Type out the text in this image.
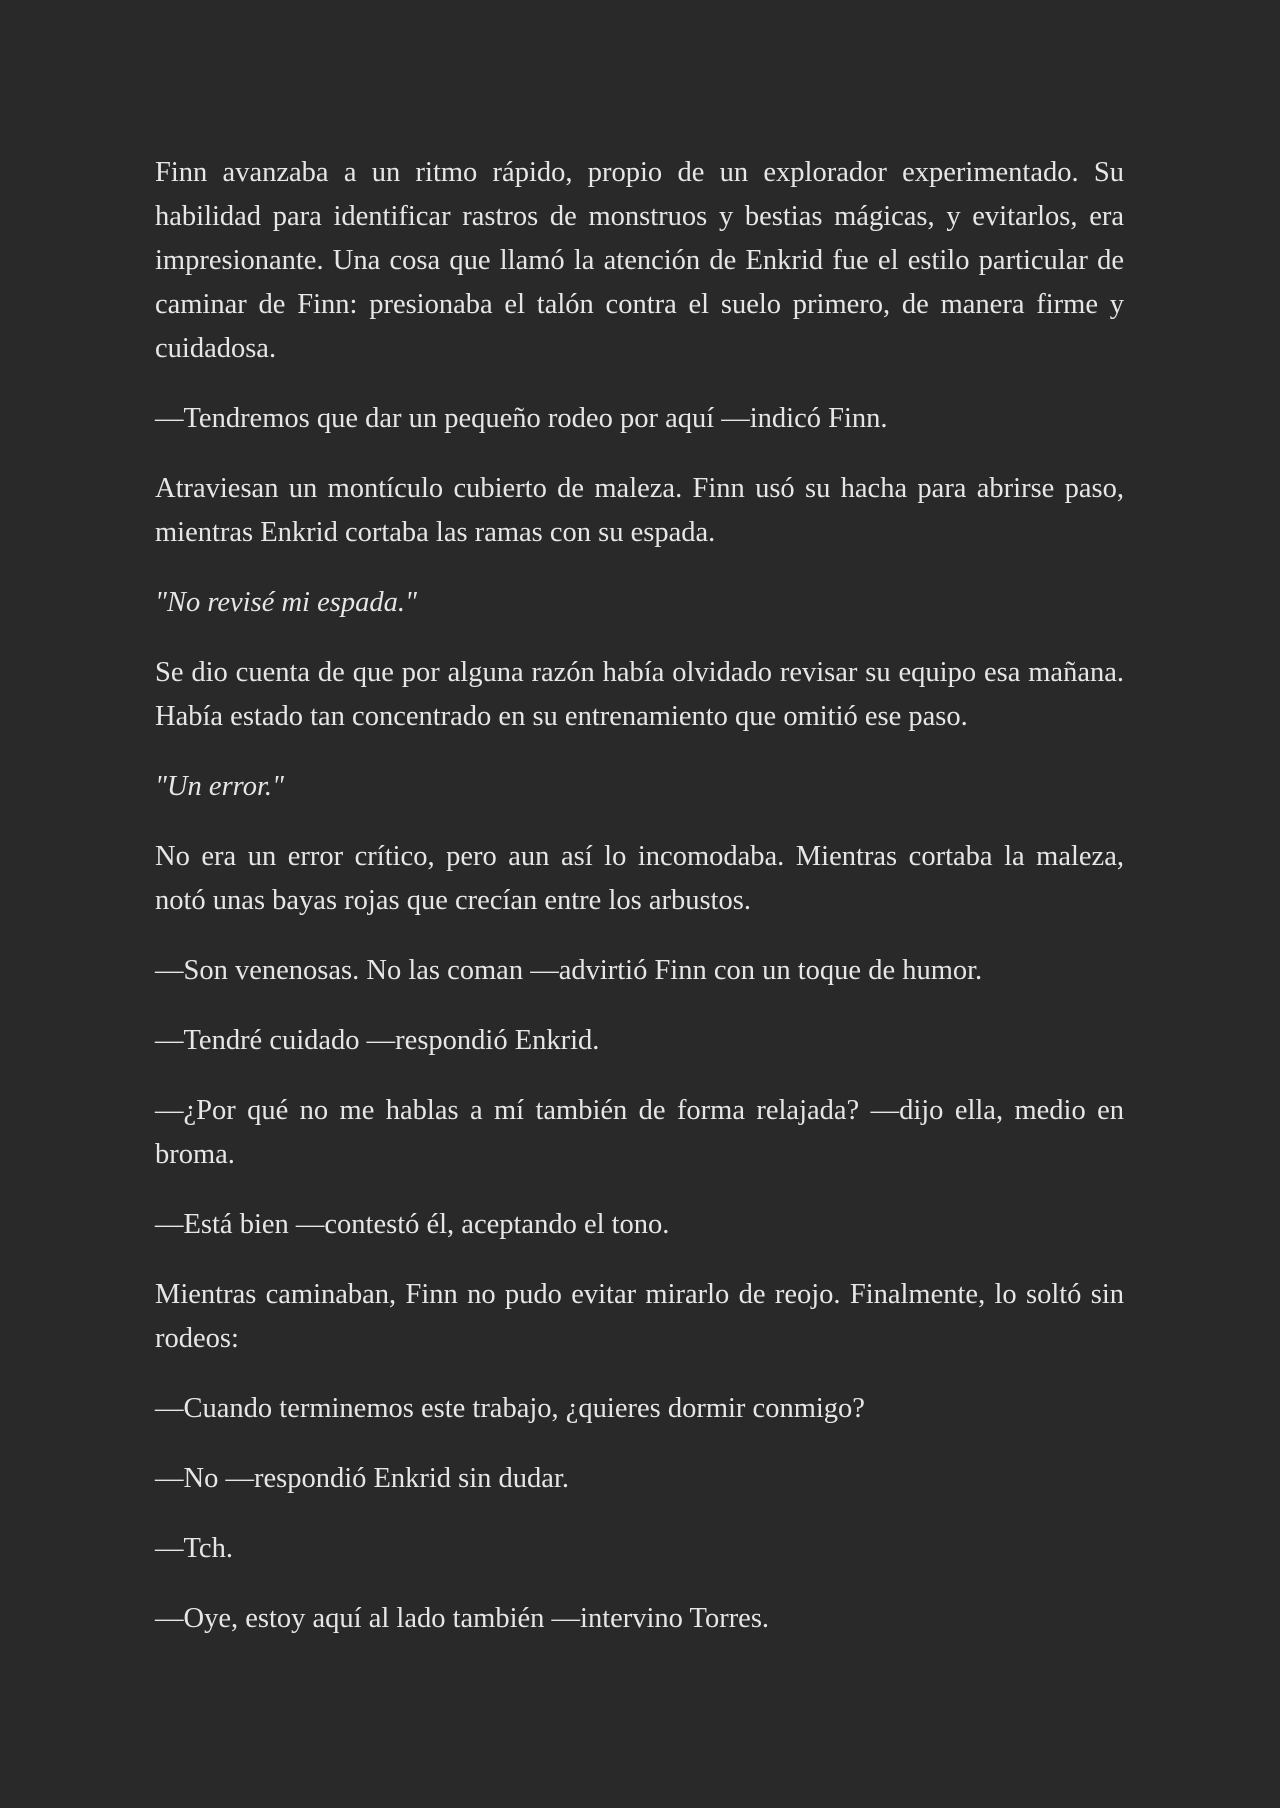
Finn avanzaba a un ritmo rápido, propio de un explorador experimentado. Su habilidad para identificar rastros de monstruos y bestias mágicas, y evitarlos, era impresionante. Una cosa que llamó la atención de Enkrid fue el estilo particular de caminar de Finn: presionaba el talón contra el suelo primero, de manera firme y cuidadosa.

—Tendremos que dar un pequeño rodeo por aquí —indicó Finn.

Atraviesan un montículo cubierto de maleza. Finn usó su hacha para abrirse paso, mientras Enkrid cortaba las ramas con su espada.

"No revisé mi espada."

Se dio cuenta de que por alguna razón había olvidado revisar su equipo esa mañana. Había estado tan concentrado en su entrenamiento que omitió ese paso.

"Un error."

No era un error crítico, pero aun así lo incomodaba. Mientras cortaba la maleza, notó unas bayas rojas que crecían entre los arbustos.

—Son venenosas. No las coman —advirtió Finn con un toque de humor.

—Tendré cuidado —respondió Enkrid.

—¿Por qué no me hablas a mí también de forma relajada? —dijo ella, medio en broma.

—Está bien —contestó él, aceptando el tono.

Mientras caminaban, Finn no pudo evitar mirarlo de reojo. Finalmente, lo soltó sin rodeos:

—Cuando terminemos este trabajo, ¿quieres dormir conmigo?

—No —respondió Enkrid sin dudar.

—Tch.

—Oye, estoy aquí al lado también —intervino Torres.
